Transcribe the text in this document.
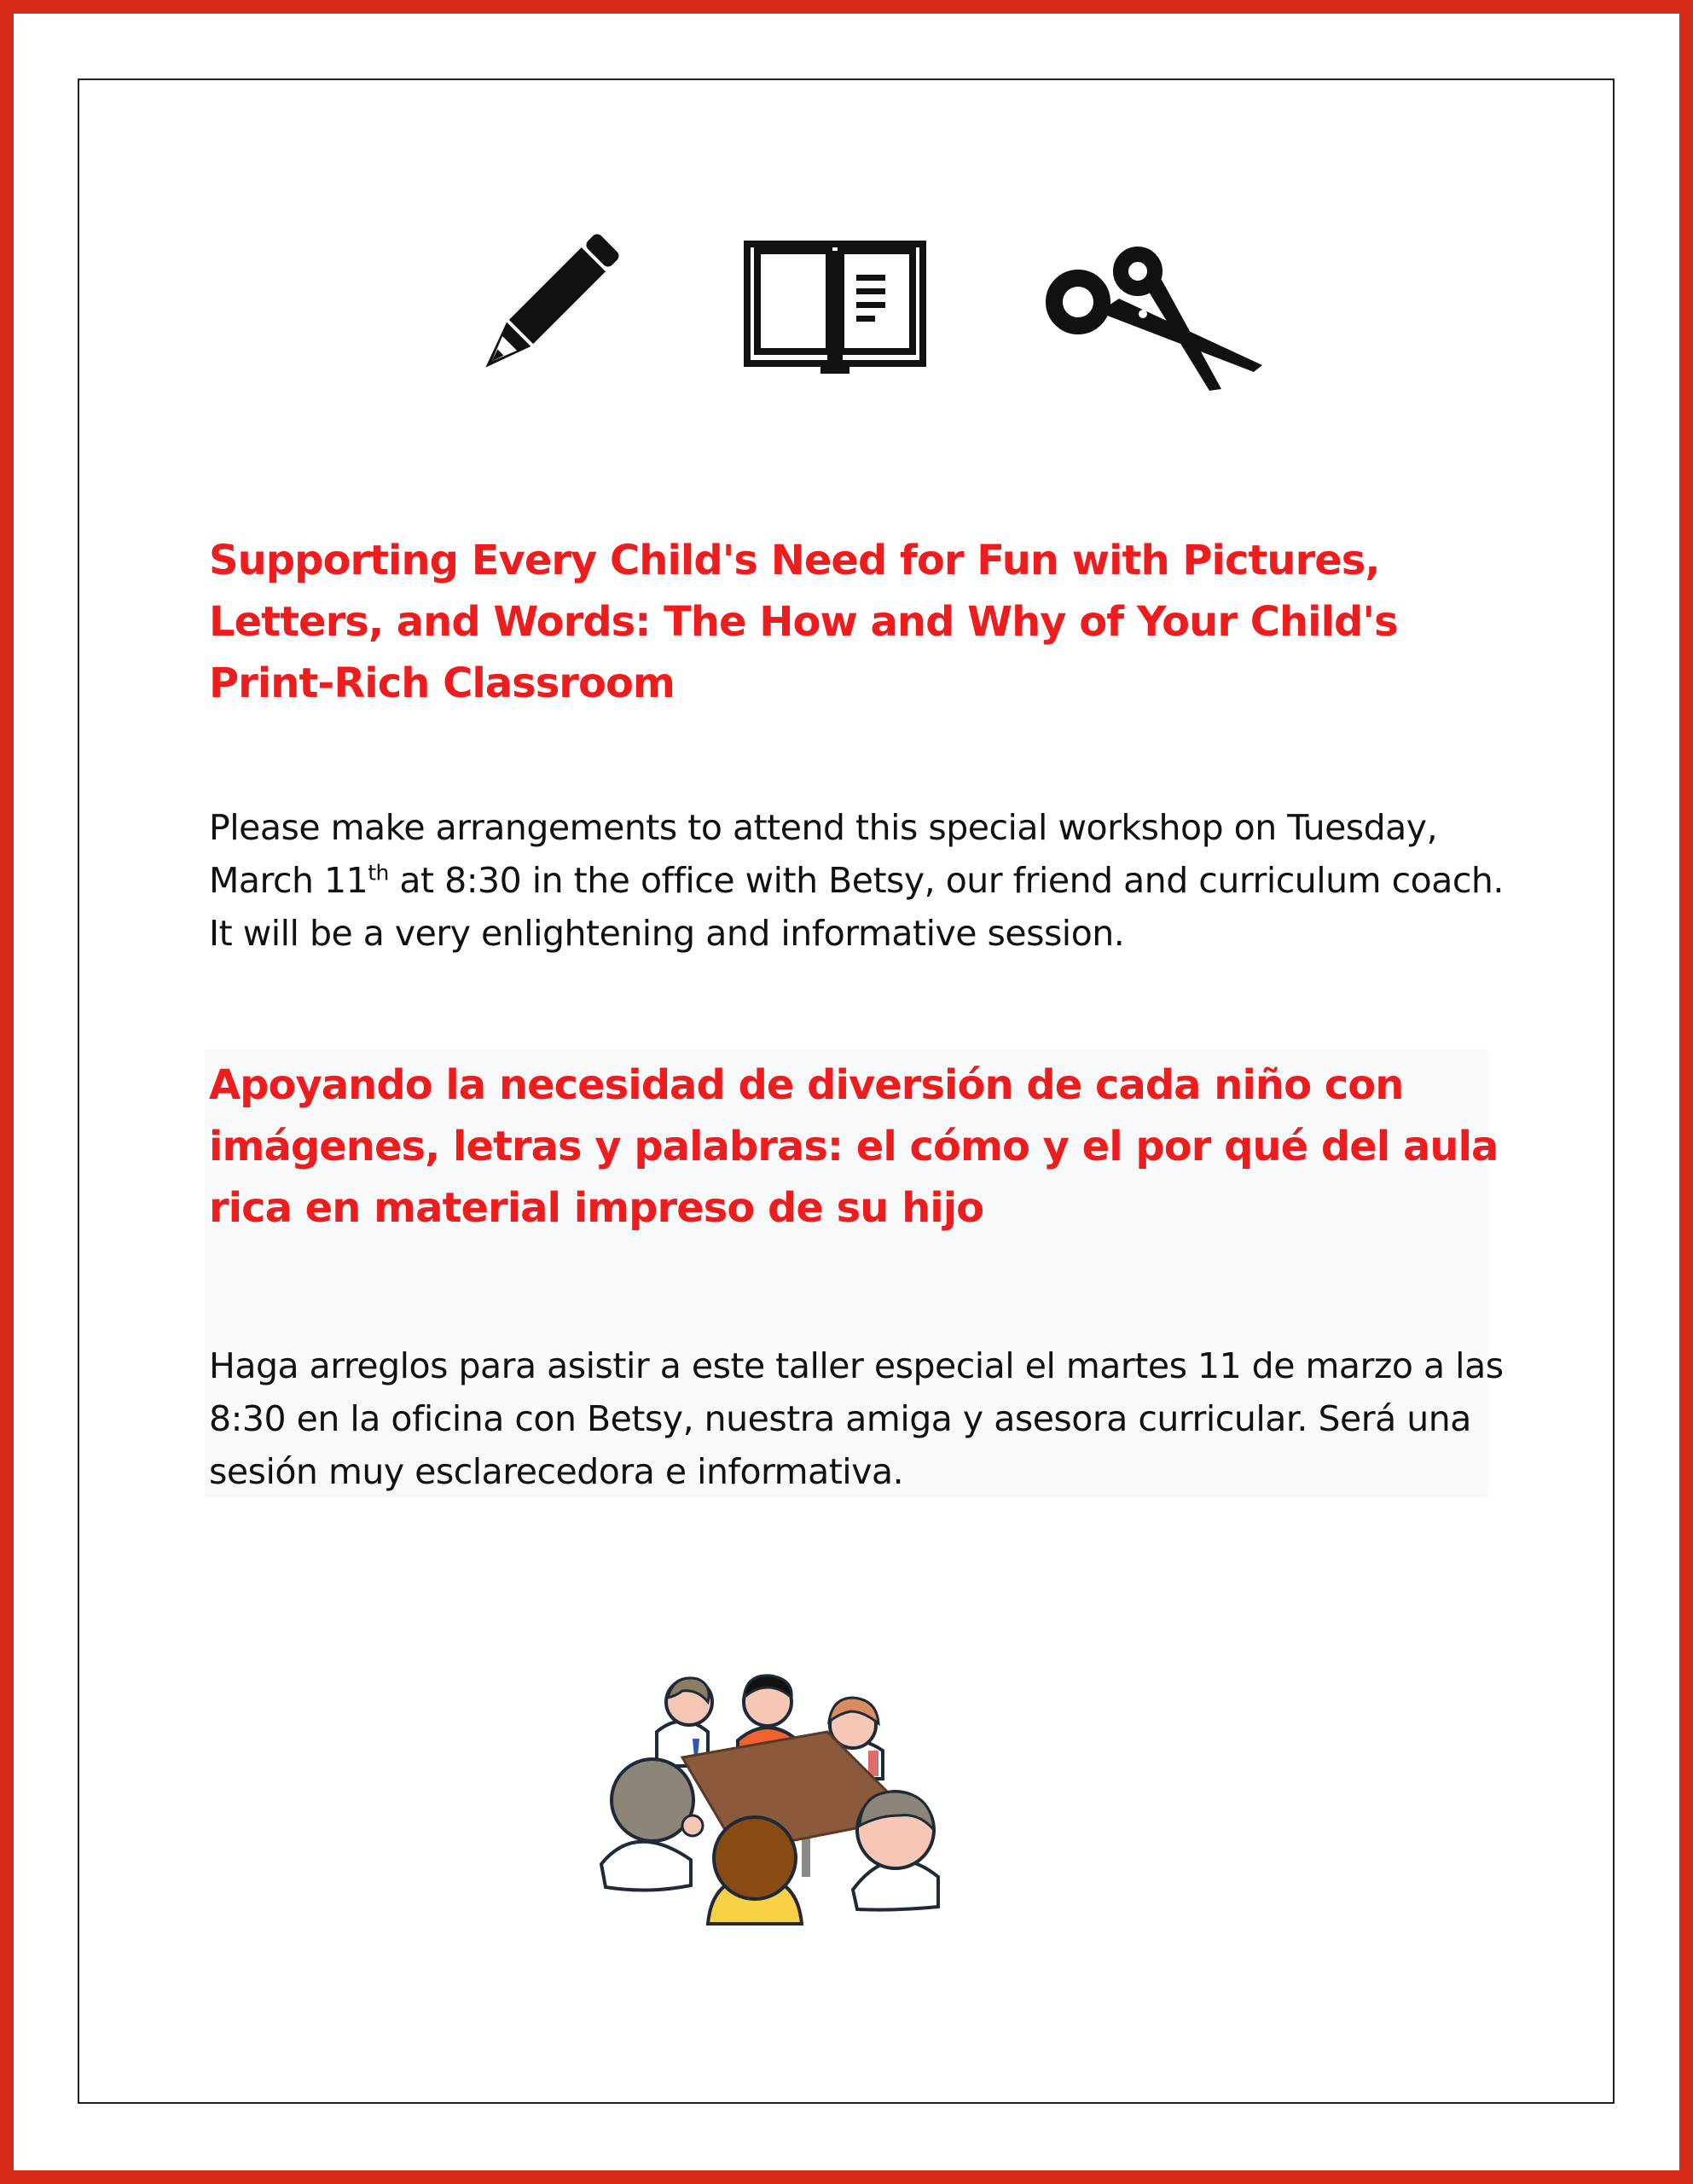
Supporting Every Child's Need for Fun with Pictures, Letters, and Words: The How and Why of Your Child's Print-Rich Classroom

Please make arrangements to attend this special workshop on Tuesday, March 11th at 8:30 in the office with Betsy, our friend and curriculum coach. It will be a very enlightening and informative session.

Apoyando la necesidad de diversión de cada niño con imágenes, letras y palabras: el cómo y el por qué del aula rica en material impreso de su hijo

Haga arreglos para asistir a este taller especial el martes 11 de marzo a las 8:30 en la oficina con Betsy, nuestra amiga y asesora curricular. Será una sesión muy esclarecedora e informativa.
